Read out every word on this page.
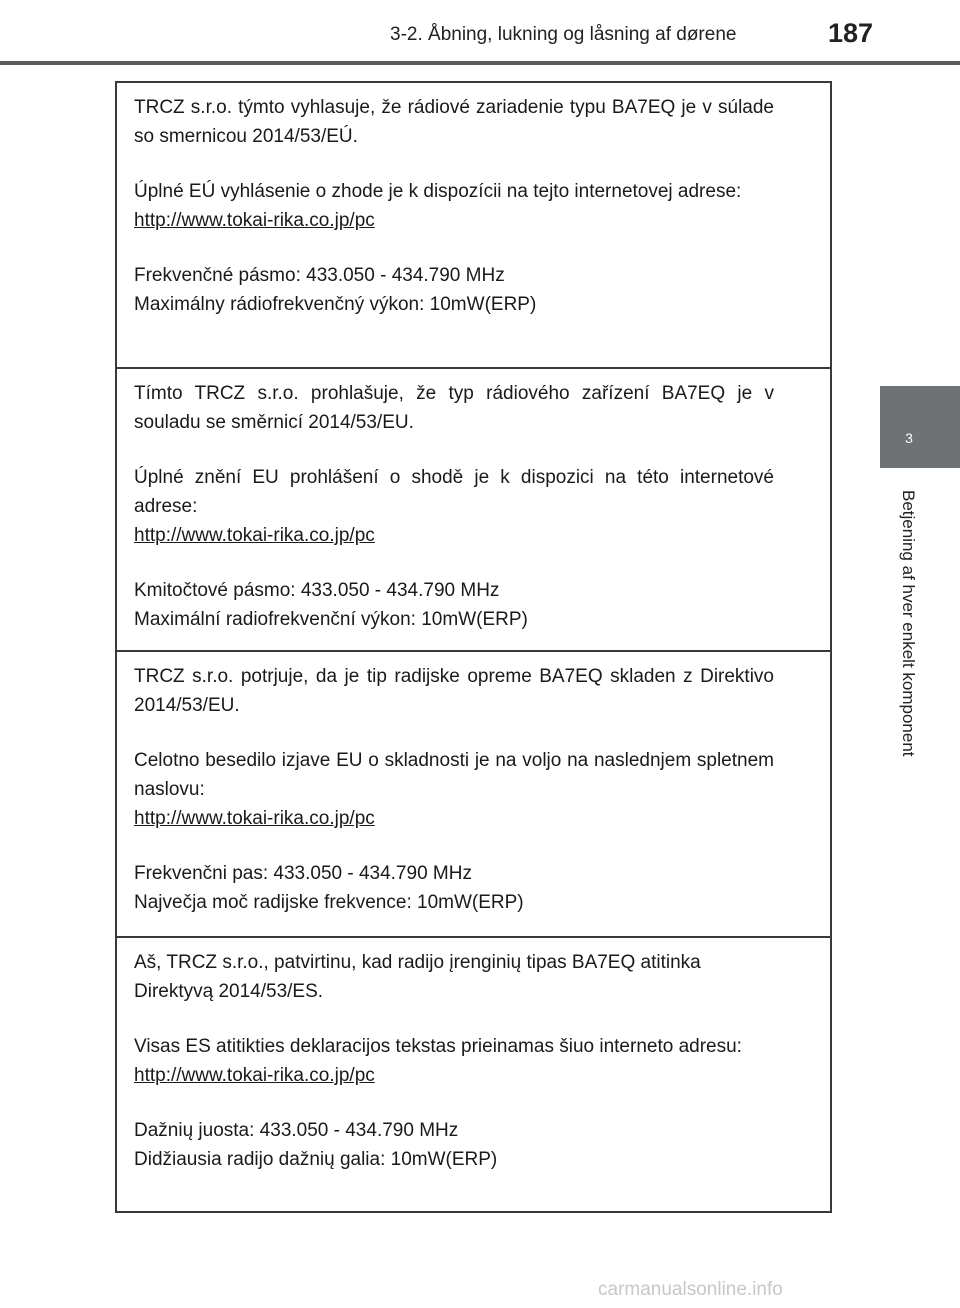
3-2. Åbning, lukning og låsning af dørene	187
3
Betjening af hver enkelt komponent

TRCZ s.r.o. týmto vyhlasuje, že rádiové zariadenie typu BA7EQ je v súlade so smernicou 2014/53/EÚ.

Úplné EÚ vyhlásenie o zhode je k dispozícii na tejto internetovej adrese:

http://www.tokai-rika.co.jp/pc

Frekvenčné pásmo: 433.050 - 434.790 MHz

Maximálny rádiofrekvenčný výkon: 10mW(ERP)

Tímto TRCZ s.r.o. prohlašuje, že typ rádiového zařízení BA7EQ je v souladu se směrnicí 2014/53/EU.

Úplné znění EU prohlášení o shodě je k dispozici na této internetové adrese:

http://www.tokai-rika.co.jp/pc

Kmitočtové pásmo: 433.050 - 434.790 MHz

Maximální radiofrekvenční výkon: 10mW(ERP)

TRCZ s.r.o. potrjuje, da je tip radijske opreme BA7EQ skladen z Direktivo 2014/53/EU.

Celotno besedilo izjave EU o skladnosti je na voljo na naslednjem spletnem naslovu:

http://www.tokai-rika.co.jp/pc

Frekvenčni pas: 433.050 - 434.790 MHz

Največja moč radijske frekvence: 10mW(ERP)

Aš, TRCZ s.r.o., patvirtinu, kad radijo įrenginių tipas BA7EQ atitinka Direktyvą 2014/53/ES.

Visas ES atitikties deklaracijos tekstas prieinamas šiuo interneto adresu:

http://www.tokai-rika.co.jp/pc

Dažnių juosta: 433.050 - 434.790 MHz

Didžiausia radijo dažnių galia: 10mW(ERP)

carmanualsonline.info
